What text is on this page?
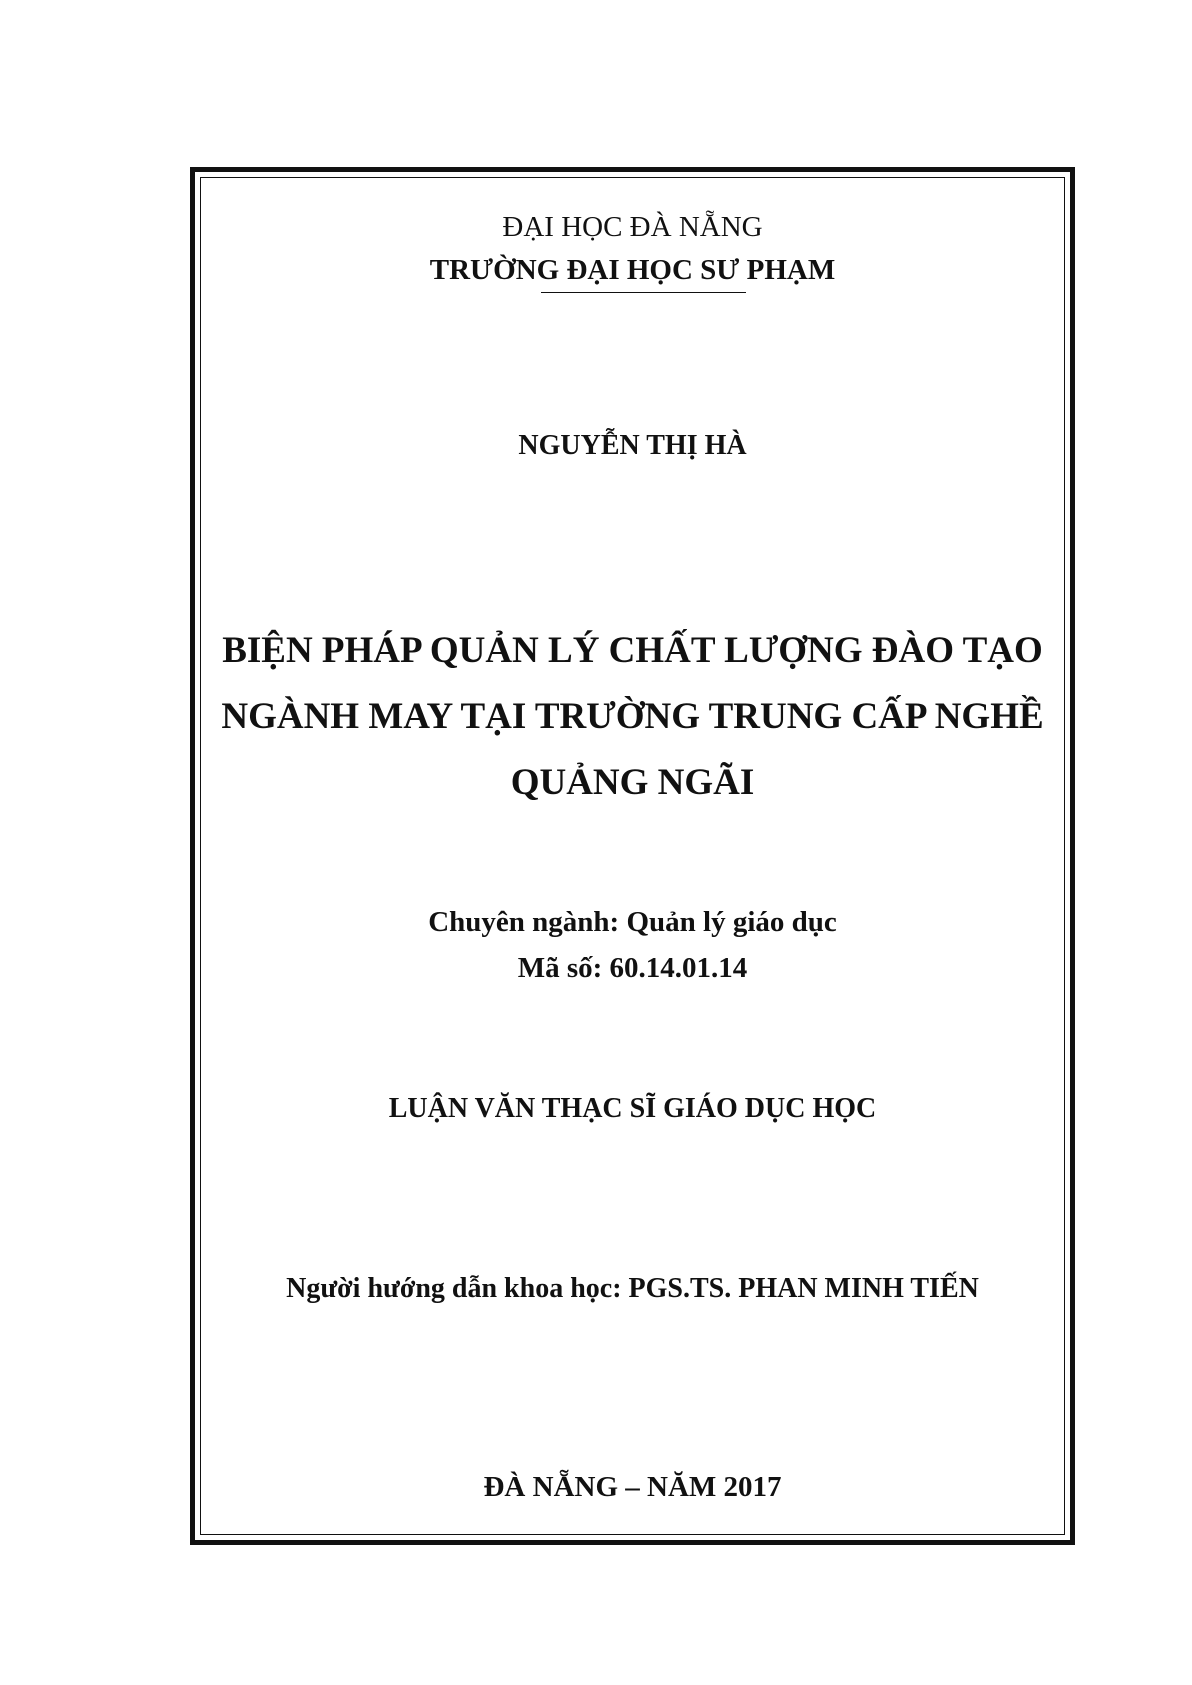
ĐẠI HỌC ĐÀ NẴNG
TRƯỜNG ĐẠI HỌC SƯ PHẠM
NGUYỄN THỊ HÀ
BIỆN PHÁP QUẢN LÝ CHẤT LƯỢNG ĐÀO TẠO
NGÀNH MAY TẠI TRƯỜNG TRUNG CẤP NGHỀ
QUẢNG NGÃI
Chuyên ngành: Quản lý giáo dục
Mã số: 60.14.01.14
LUẬN VĂN THẠC SĨ GIÁO DỤC HỌC
Người hướng dẫn khoa học: PGS.TS. PHAN MINH TIẾN
ĐÀ NẴNG – NĂM 2017
